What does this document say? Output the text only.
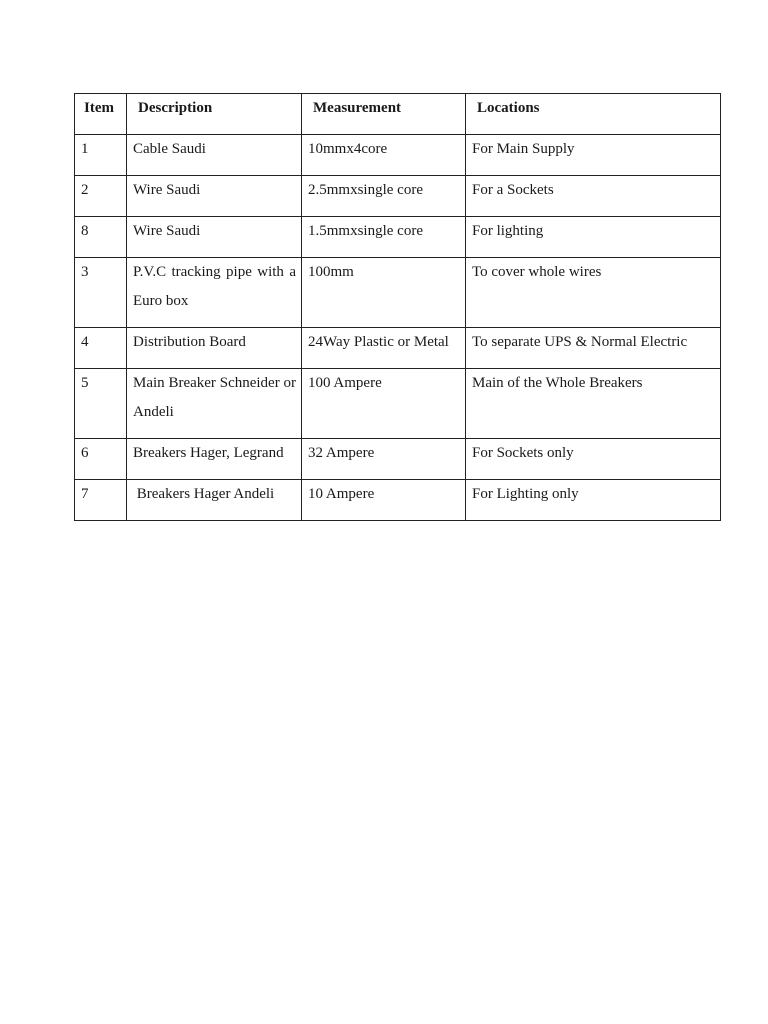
Item	Description	Measurement	Locations
1	Cable Saudi	10mmx4core	For Main Supply
2	Wire Saudi	2.5mmxsingle core	For a Sockets
8	Wire Saudi	1.5mmxsingle core	For lighting
3	P.V.C tracking pipe with a Euro box	100mm	To cover whole wires
4	Distribution Board	24Way Plastic or Metal	To separate UPS & Normal Electric
5	Main Breaker Schneider or Andeli	100 Ampere	Main of the Whole Breakers
6	Breakers Hager, Legrand	32 Ampere	For Sockets only
7	Breakers Hager Andeli	10 Ampere	For Lighting only
